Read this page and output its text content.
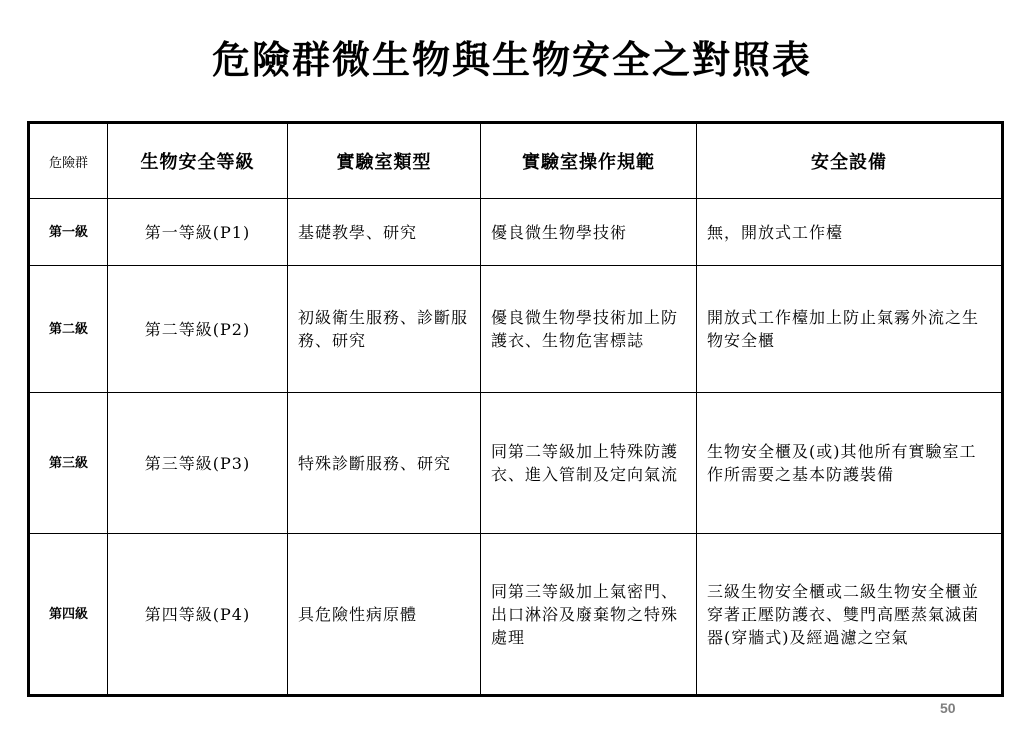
危險群微生物與生物安全之對照表
危險群	生物安全等級	實驗室類型	實驗室操作規範	安全設備
第一級	第一等級(P1)	基礎教學、研究	優良微生物學技術	無，開放式工作檯
第二級	第二等級(P2)	初級衛生服務、診斷服務、研究	優良微生物學技術加上防護衣、生物危害標誌	開放式工作檯加上防止氣霧外流之生物安全櫃
第三級	第三等級(P3)	特殊診斷服務、研究	同第二等級加上特殊防護衣、進入管制及定向氣流	生物安全櫃及(或)其他所有實驗室工作所需要之基本防護裝備
第四級	第四等級(P4)	具危險性病原體	同第三等級加上氣密門、出口淋浴及廢棄物之特殊處理	三級生物安全櫃或二級生物安全櫃並穿著正壓防護衣、雙門高壓蒸氣滅菌器(穿牆式)及經過濾之空氣
50
